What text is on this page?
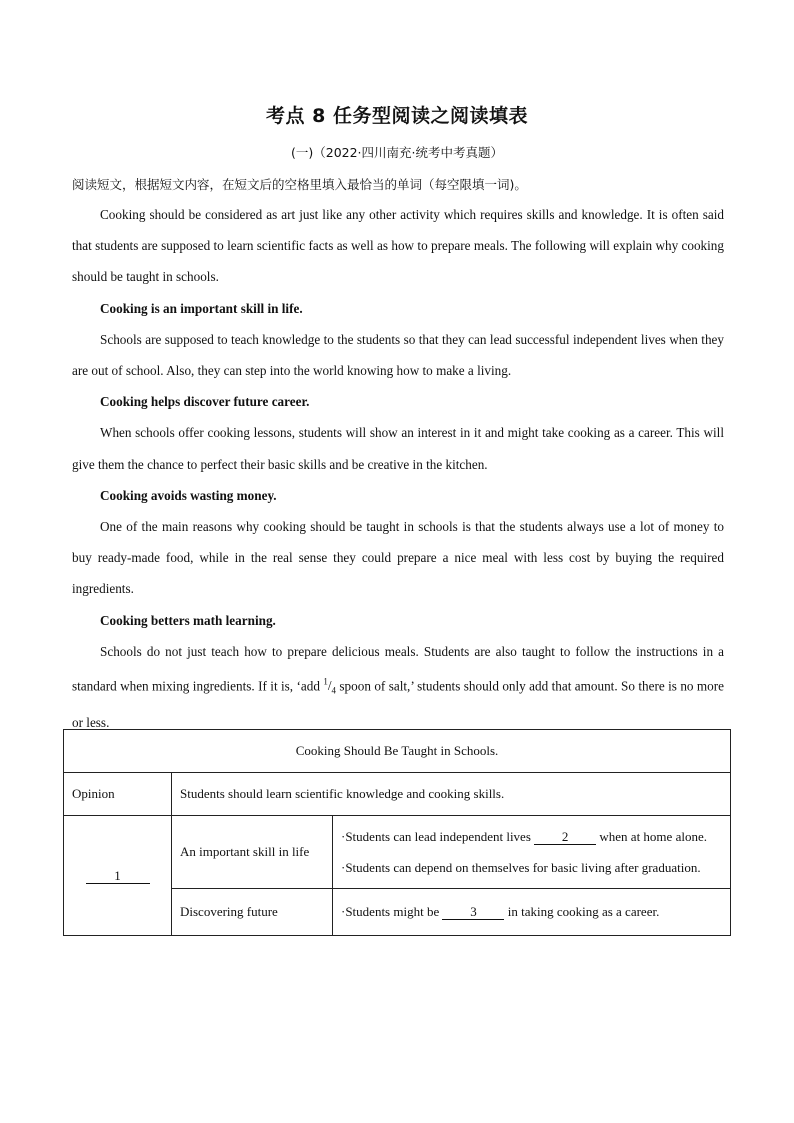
考点 8 任务型阅读之阅读填表
(一)（2022·四川南充·统考中考真题）
阅读短文，根据短文内容，在短文后的空格里填入最恰当的单词（每空限填一词)。

Cooking should be considered as art just like any other activity which requires skills and knowledge. It is often said that students are supposed to learn scientific facts as well as how to prepare meals. The following will explain why cooking should be taught in schools.

Cooking is an important skill in life.

Schools are supposed to teach knowledge to the students so that they can lead successful independent lives when they are out of school. Also, they can step into the world knowing how to make a living.

Cooking helps discover future career.

When schools offer cooking lessons, students will show an interest in it and might take cooking as a career. This will give them the chance to perfect their basic skills and be creative in the kitchen.

Cooking avoids wasting money.

One of the main reasons why cooking should be taught in schools is that the students always use a lot of money to buy ready-made food, while in the real sense they could prepare a nice meal with less cost by buying the required ingredients.

Cooking betters math learning.

Schools do not just teach how to prepare delicious meals. Students are also taught to follow the instructions in a standard when mixing ingredients. If it is, ‘add $^1/_4$ spoon of salt,’ students should only add that amount. So there is no more or less.

Cooking Should Be Taught in Schools.		
Opinion	Students should learn scientific knowledge and cooking skills.	
1	An important skill in life	·Students can lead independent lives 2 when at home alone.
·Students can depend on themselves for basic living after graduation.

	Discovering future	·Students might be 3 in taking cooking as a career.
